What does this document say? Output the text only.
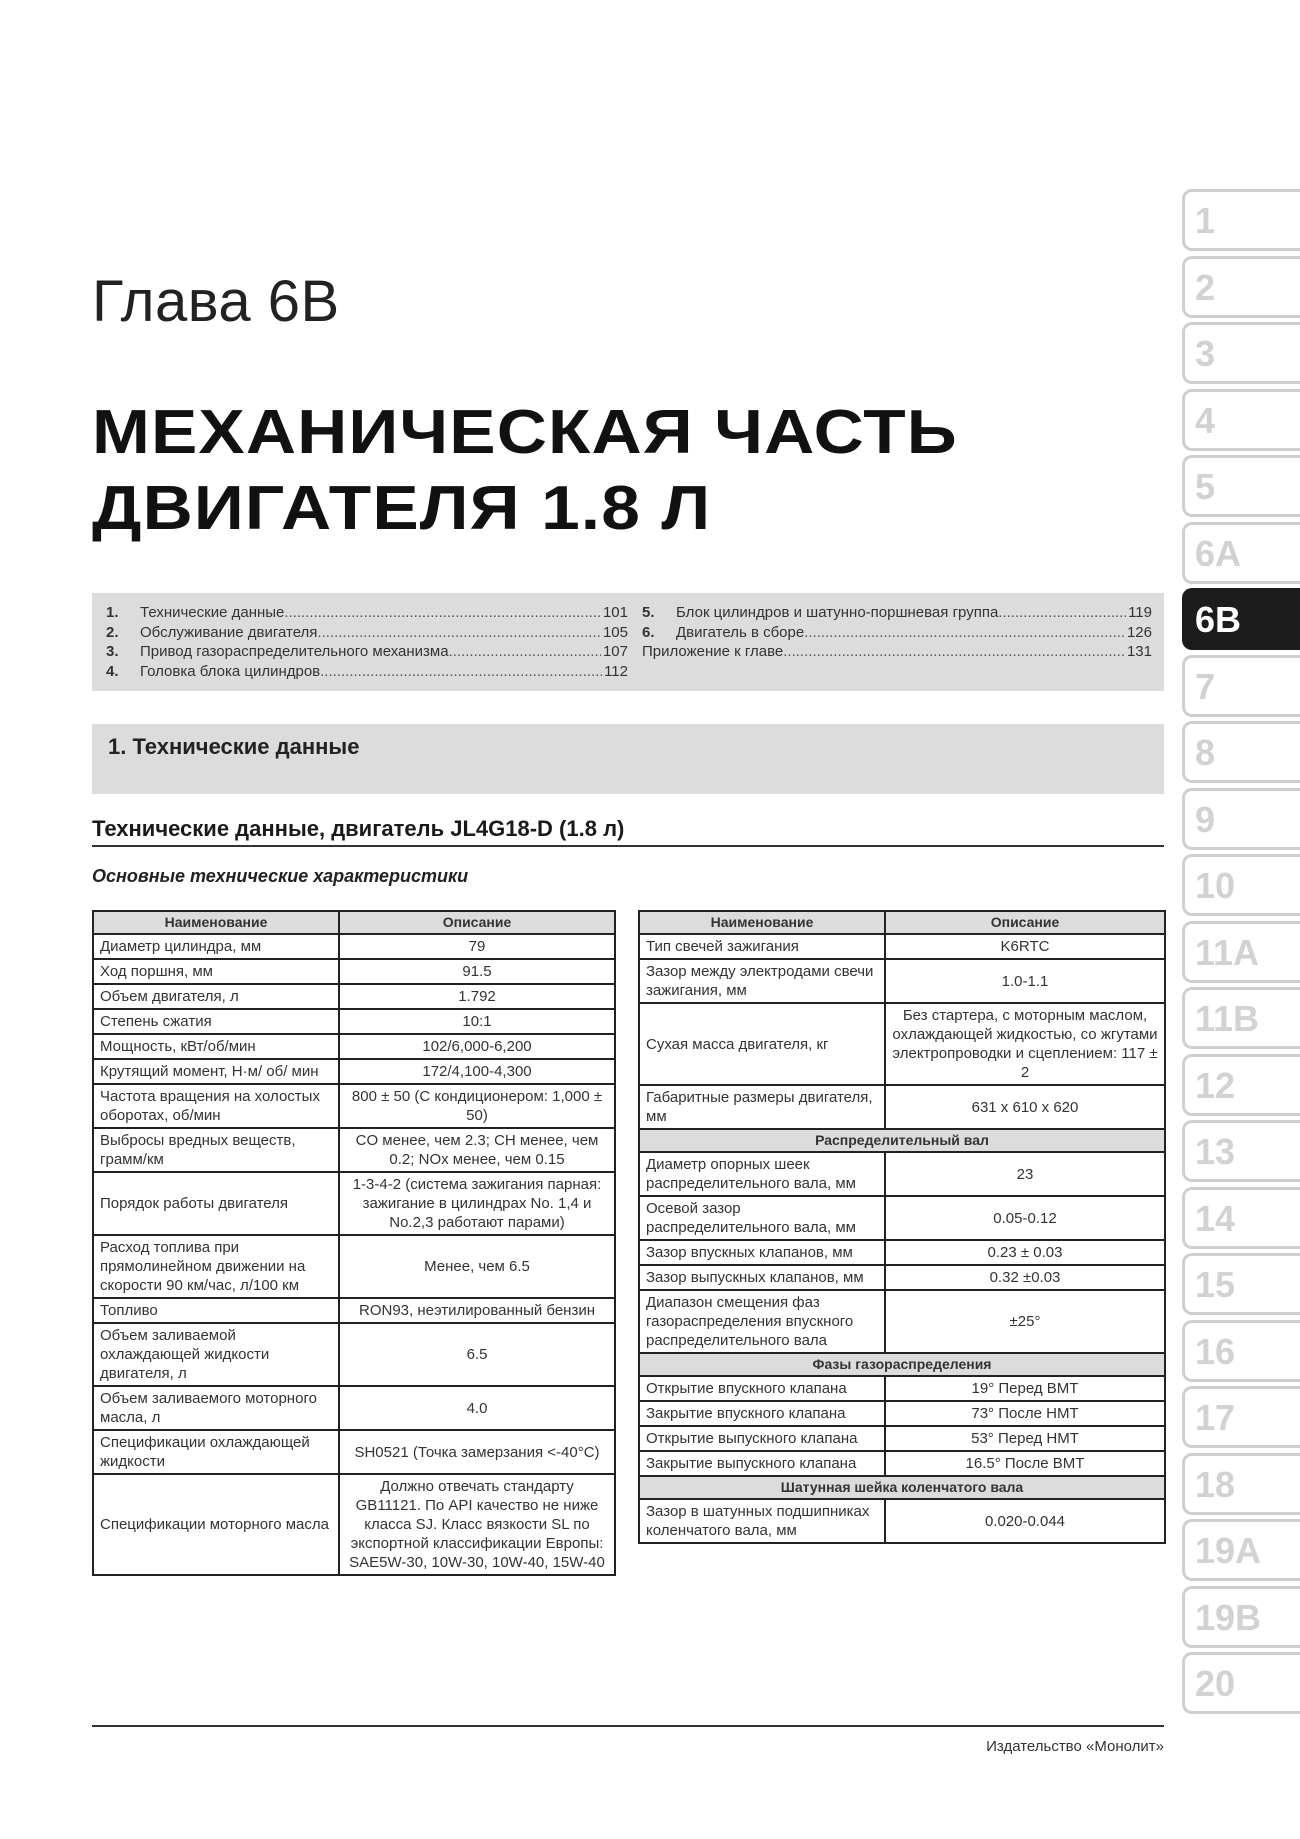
Глава 6В
МЕХАНИЧЕСКАЯ ЧАСТЬ
ДВИГАТЕЛЯ 1.8 Л
1.	Технические данные .....	101
2.	Обслуживание двигателя .....	105
3.	Привод газораспределительного механизма .....	107
4.	Головка блока цилиндров .....	112
5.	Блок цилиндров и шатунно-поршневая группа .....	119
6.	Двигатель в сборе .....	126
Приложение к главе .....	131
1. Технические данные
Технические данные, двигатель JL4G18-D (1.8 л)
Основные технические характеристики
Наименование	Описание
Диаметр цилиндра, мм	79
Ход поршня, мм	91.5
Объем двигателя, л	1.792
Степень сжатия	10:1
Мощность, кВт/об/мин	102/6,000-6,200
Крутящий момент, Н·м/ об/ мин	172/4,100-4,300
Частота вращения на холостых оборотах, об/мин	800 ± 50 (С кондиционером: 1,000 ± 50)
Выбросы вредных веществ, грамм/км	CO менее, чем 2.3; CH менее, чем 0.2; NOx менее, чем 0.15
Порядок работы двигателя	1-3-4-2 (система зажигания парная: зажигание в цилиндрах No. 1,4 и No.2,3 работают парами)
Расход топлива при прямолинейном движении на скорости 90 км/час, л/100 км	Менее, чем 6.5
Топливо	RON93, неэтилированный бензин
Объем заливаемой охлаждающей жидкости двигателя, л	6.5
Объем заливаемого моторного масла, л	4.0
Спецификации охлаждающей жидкости	SH0521 (Точка замерзания <-40°C)
Спецификации моторного масла	Должно отвечать стандарту GB11121. По API качество не ниже класса SJ. Класс вязкости SL по экспортной классификации Европы: SAE5W-30, 10W-30, 10W-40, 15W-40
Наименование	Описание
Тип свечей зажигания	K6RTC
Зазор между электродами свечи зажигания, мм	1.0-1.1
Сухая масса двигателя, кг	Без стартера, с моторным маслом, охлаждающей жидкостью, со жгутами электропроводки и сцеплением: 117 ± 2
Габаритные размеры двигателя, мм	631 x 610 x 620
Распределительный вал	
Диаметр опорных шеек распределительного вала, мм	23
Осевой зазор распределительного вала, мм	0.05-0.12
Зазор впускных клапанов, мм	0.23 ± 0.03
Зазор выпускных клапанов, мм	0.32 ±0.03
Диапазон смещения фаз газораспределения впускного распределительного вала	±25°
Фазы газораспределения	
Открытие впускного клапана	19° Перед ВМТ
Закрытие впускного клапана	73° После НМТ
Открытие выпускного клапана	53° Перед НМТ
Закрытие выпускного клапана	16.5° После ВМТ
Шатунная шейка коленчатого вала	
Зазор в шатунных подшипниках коленчатого вала, мм	0.020-0.044
1
2
3
4
5
6A
6B
7
8
9
10
11A
11B
12
13
14
15
16
17
18
19A
19B
20
Издательство «Монолит»
